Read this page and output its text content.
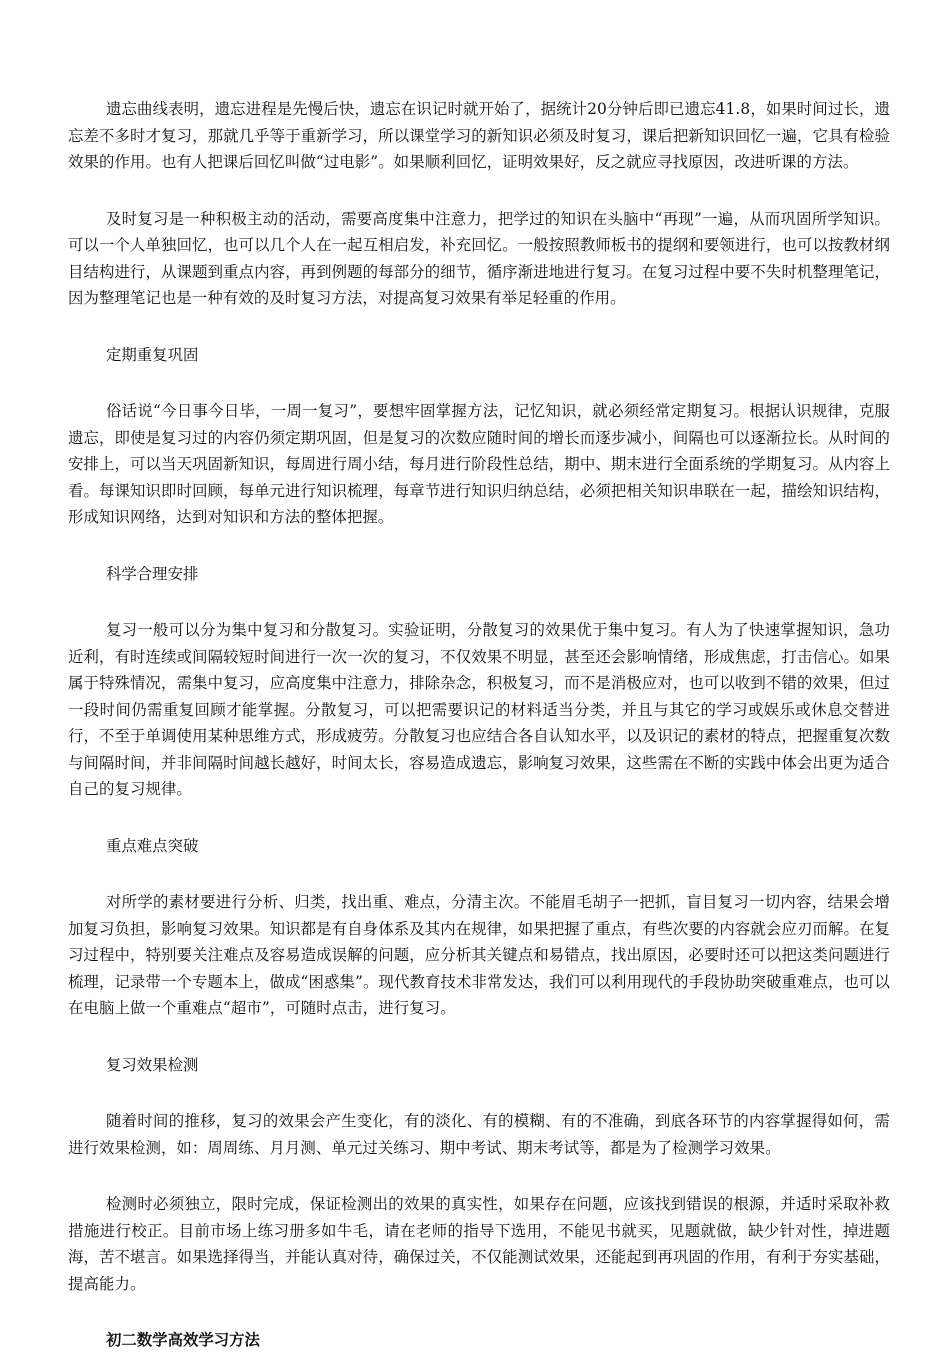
遗忘曲线表明，遗忘进程是先慢后快，遗忘在识记时就开始了，据统计20分钟后即已遗忘41.8，如果时间过长，遗忘差不多时才复习，那就几乎等于重新学习，所以课堂学习的新知识必须及时复习，课后把新知识回忆一遍，它具有检验效果的作用。也有人把课后回忆叫做“过电影”。如果顺利回忆，证明效果好，反之就应寻找原因，改进听课的方法。

及时复习是一种积极主动的活动，需要高度集中注意力，把学过的知识在头脑中“再现”一遍，从而巩固所学知识。可以一个人单独回忆，也可以几个人在一起互相启发，补充回忆。一般按照教师板书的提纲和要领进行，也可以按教材纲目结构进行，从课题到重点内容，再到例题的每部分的细节，循序渐进地进行复习。在复习过程中要不失时机整理笔记，因为整理笔记也是一种有效的及时复习方法，对提高复习效果有举足轻重的作用。

定期重复巩固

俗话说“今日事今日毕，一周一复习”，要想牢固掌握方法，记忆知识，就必须经常定期复习。根据认识规律，克服遗忘，即使是复习过的内容仍须定期巩固，但是复习的次数应随时间的增长而逐步减小，间隔也可以逐渐拉长。从时间的安排上，可以当天巩固新知识，每周进行周小结，每月进行阶段性总结，期中、期末进行全面系统的学期复习。从内容上看。每课知识即时回顾，每单元进行知识梳理，每章节进行知识归纳总结，必须把相关知识串联在一起，描绘知识结构，形成知识网络，达到对知识和方法的整体把握。

科学合理安排

复习一般可以分为集中复习和分散复习。实验证明，分散复习的效果优于集中复习。有人为了快速掌握知识，急功近利，有时连续或间隔较短时间进行一次一次的复习，不仅效果不明显，甚至还会影响情绪，形成焦虑，打击信心。如果属于特殊情况，需集中复习，应高度集中注意力，排除杂念，积极复习，而不是消极应对，也可以收到不错的效果，但过一段时间仍需重复回顾才能掌握。分散复习，可以把需要识记的材料适当分类，并且与其它的学习或娱乐或休息交替进行，不至于单调使用某种思维方式，形成疲劳。分散复习也应结合各自认知水平，以及识记的素材的特点，把握重复次数与间隔时间，并非间隔时间越长越好，时间太长，容易造成遗忘，影响复习效果，这些需在不断的实践中体会出更为适合自己的复习规律。

重点难点突破

对所学的素材要进行分析、归类，找出重、难点，分清主次。不能眉毛胡子一把抓，盲目复习一切内容，结果会增加复习负担，影响复习效果。知识都是有自身体系及其内在规律，如果把握了重点，有些次要的内容就会应刃而解。在复习过程中，特别要关注难点及容易造成误解的问题，应分析其关键点和易错点，找出原因，必要时还可以把这类问题进行梳理，记录带一个专题本上，做成“困惑集”。现代教育技术非常发达，我们可以利用现代的手段协助突破重难点，也可以在电脑上做一个重难点“超市”，可随时点击，进行复习。

复习效果检测

随着时间的推移，复习的效果会产生变化，有的淡化、有的模糊、有的不准确，到底各环节的内容掌握得如何，需进行效果检测，如：周周练、月月测、单元过关练习、期中考试、期末考试等，都是为了检测学习效果。

检测时必须独立，限时完成，保证检测出的效果的真实性，如果存在问题，应该找到错误的根源，并适时采取补救措施进行校正。目前市场上练习册多如牛毛，请在老师的指导下选用，不能见书就买，见题就做，缺少针对性，掉进题海，苦不堪言。如果选择得当，并能认真对待，确保过关，不仅能测试效果，还能起到再巩固的作用，有利于夯实基础，提高能力。

初二数学高效学习方法
